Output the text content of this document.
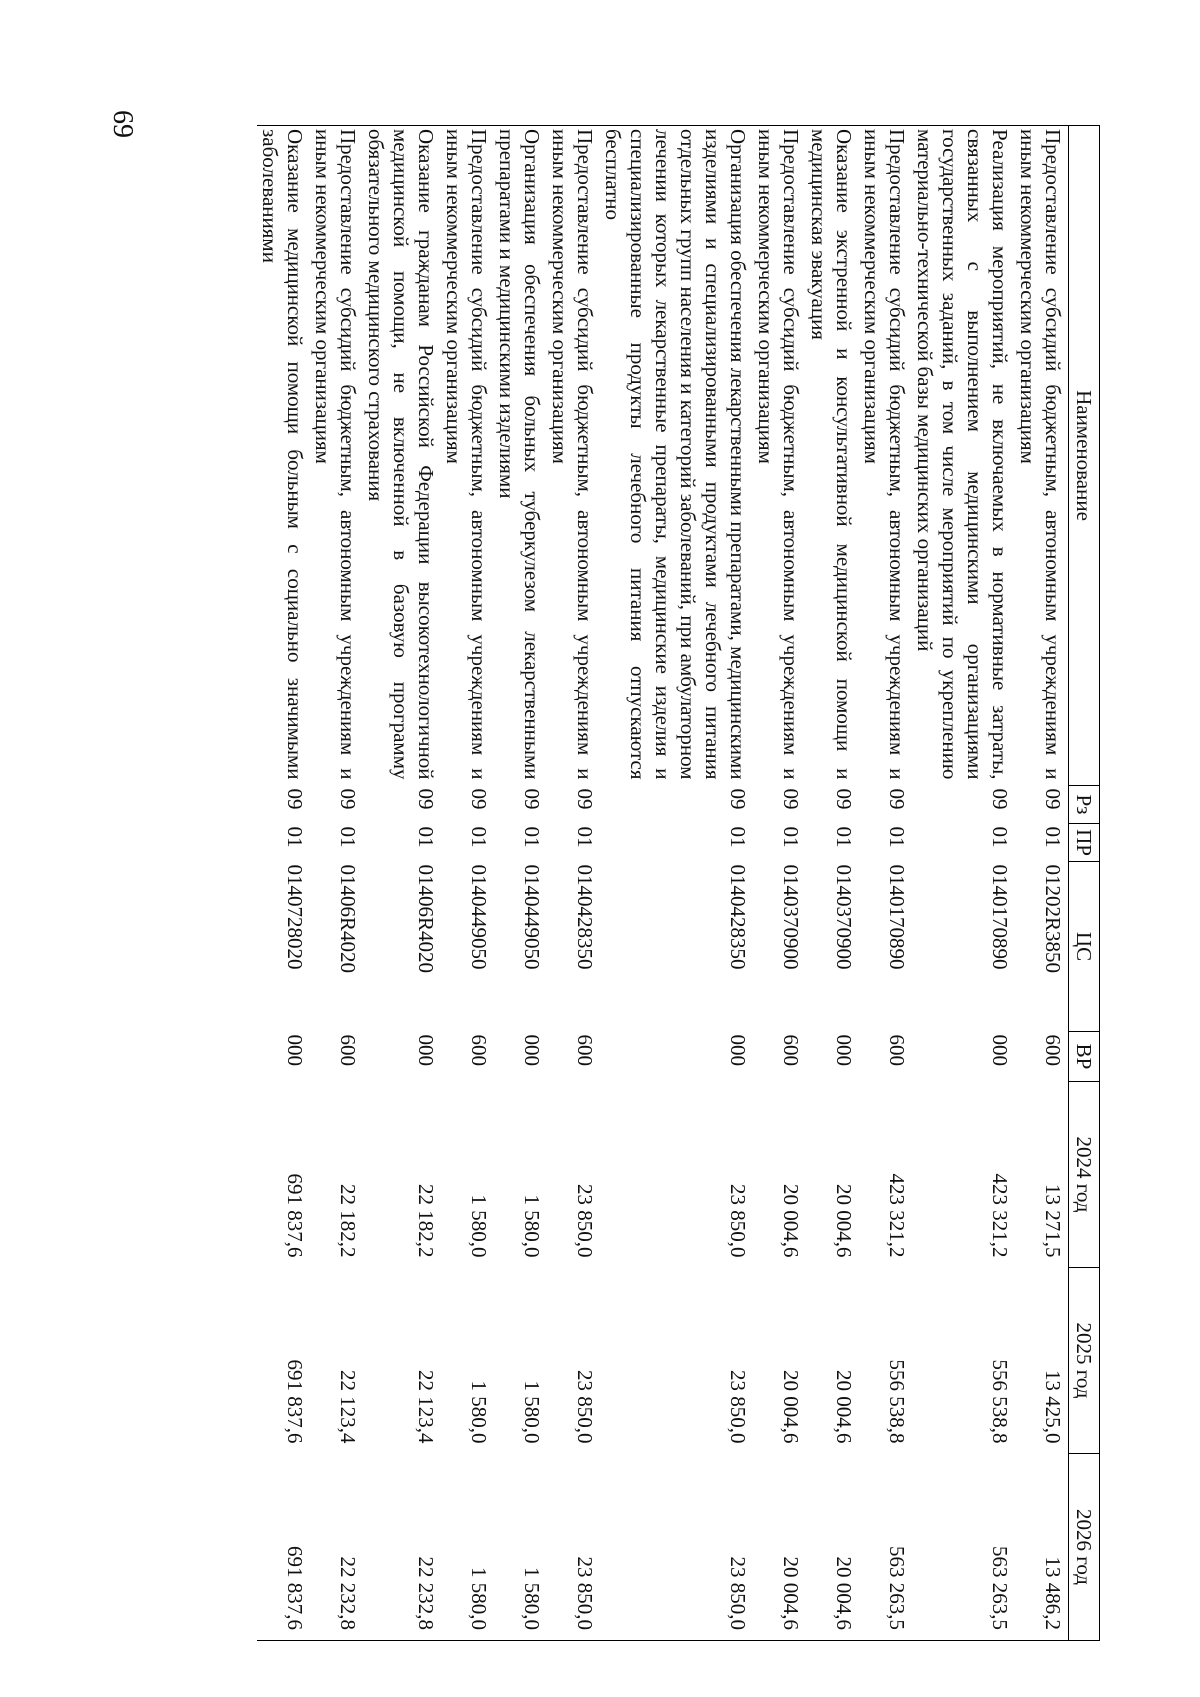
69
Наименование	Рз	ПР	ЦС	ВР	2024 год	2025 год	2026 год
Предоставление субсидий бюджетным, автономным учреждениям и иным некоммерческим организациям	09	01	01202R3850	600	13 271,5	13 425,0	13 486,2
Реализация мероприятий, не включаемых в нормативные затраты, связанных с выполнением медицинскими организациями государственных заданий, в том числе мероприятий по укреплению материально-технической базы медицинских организаций	09	01	0140170890	000	423 321,2	556 538,8	563 263,5
Предоставление субсидий бюджетным, автономным учреждениям и иным некоммерческим организациям	09	01	0140170890	600	423 321,2	556 538,8	563 263,5
Оказание экстренной и консультативной медицинской помощи и медицинская эвакуация	09	01	0140370900	000	20 004,6	20 004,6	20 004,6
Предоставление субсидий бюджетным, автономным учреждениям и иным некоммерческим организациям	09	01	0140370900	600	20 004,6	20 004,6	20 004,6
Организация обеспечения лекарственными препаратами, медицинскими изделиями и специализированными продуктами лечебного питания отдельных групп населения и категорий заболеваний, при амбулаторном лечении которых лекарственные препараты, медицинские изделия и специализированные продукты лечебного питания отпускаются бесплатно	09	01	0140428350	000	23 850,0	23 850,0	23 850,0
Предоставление субсидий бюджетным, автономным учреждениям и иным некоммерческим организациям	09	01	0140428350	600	23 850,0	23 850,0	23 850,0
Организация обеспечения больных туберкулезом лекарственными препаратами и медицинскими изделиями	09	01	0140449050	000	1 580,0	1 580,0	1 580,0
Предоставление субсидий бюджетным, автономным учреждениям и иным некоммерческим организациям	09	01	0140449050	600	1 580,0	1 580,0	1 580,0
Оказание гражданам Российской Федерации высокотехнологичной медицинской помощи, не включенной в базовую программу обязательного медицинского страхования	09	01	01406R4020	000	22 182,2	22 123,4	22 232,8
Предоставление субсидий бюджетным, автономным учреждениям и иным некоммерческим организациям	09	01	01406R4020	600	22 182,2	22 123,4	22 232,8
Оказание медицинской помощи больным с социально значимыми заболеваниями	09	01	0140728020	000	691 837,6	691 837,6	691 837,6
